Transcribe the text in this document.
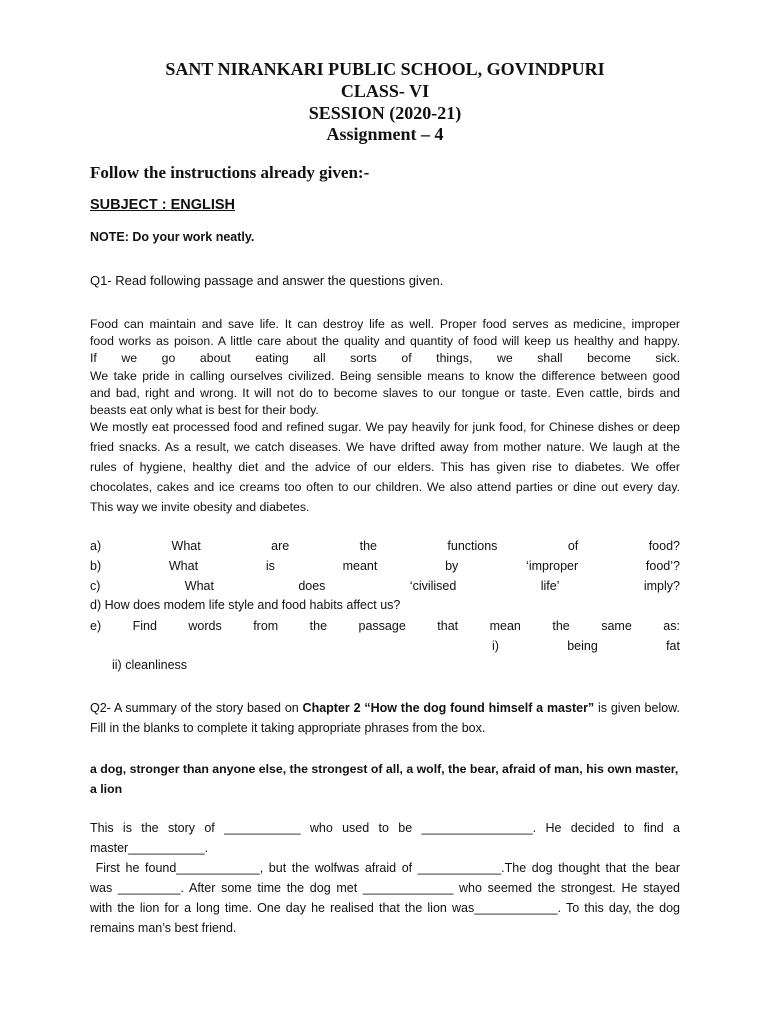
SANT NIRANKARI PUBLIC SCHOOL, GOVINDPURI
CLASS- VI
SESSION (2020-21)
Assignment – 4
Follow the instructions already given:-
SUBJECT : ENGLISH
NOTE: Do your work neatly.
Q1- Read following passage and answer the questions given.
Food can maintain and save life. It can destroy life as well. Proper food serves as medicine, improper
food works as poison. A little care about the quality and quantity of food will keep us healthy and happy.
If we go about eating all sorts of things, we shall become sick.
We take pride in calling ourselves civilized. Being sensible means to know the difference between good
and bad, right and wrong. It will not do to become slaves to our tongue or taste. Even cattle, birds and
beasts eat only what is best for their body.
We mostly eat processed food and refined sugar. We pay heavily for junk food, for Chinese dishes or deep fried snacks. As a result, we catch diseases. We have drifted away from mother nature. We laugh at the rules of hygiene, healthy diet and the advice of our elders. This has given rise to diabetes. We offer chocolates, cakes and ice creams too often to our children. We also attend parties or dine out every day. This way we invite obesity and diabetes.
a)	What	are	the	functions	of	food?
b)	What	is	meant	by	‘improper	food’?
c)	What	does	‘civilised	life’	imply?
d) How does modem life style and food habits affect us?
e)	Find	words	from	the	passage	that	mean	the	same	as:
i)	being	fat
ii) cleanliness
Q2- A summary of the story based on Chapter 2 “How the dog found himself a master” is given below. Fill in the blanks to complete it taking appropriate phrases from the box.
a dog, stronger than anyone else, the strongest of all, a wolf, the bear, afraid of man, his own master, a lion
This is the story of ___________ who used to be ________________. He decided to find a
master___________.
First he found____________, but the wolfwas afraid of ____________.The dog thought that the bear
was _________. After some time the dog met _____________ who seemed the strongest. He stayed
with the lion for a long time. One day he realised that the lion was____________. To this day, the dog
remains man’s best friend.
